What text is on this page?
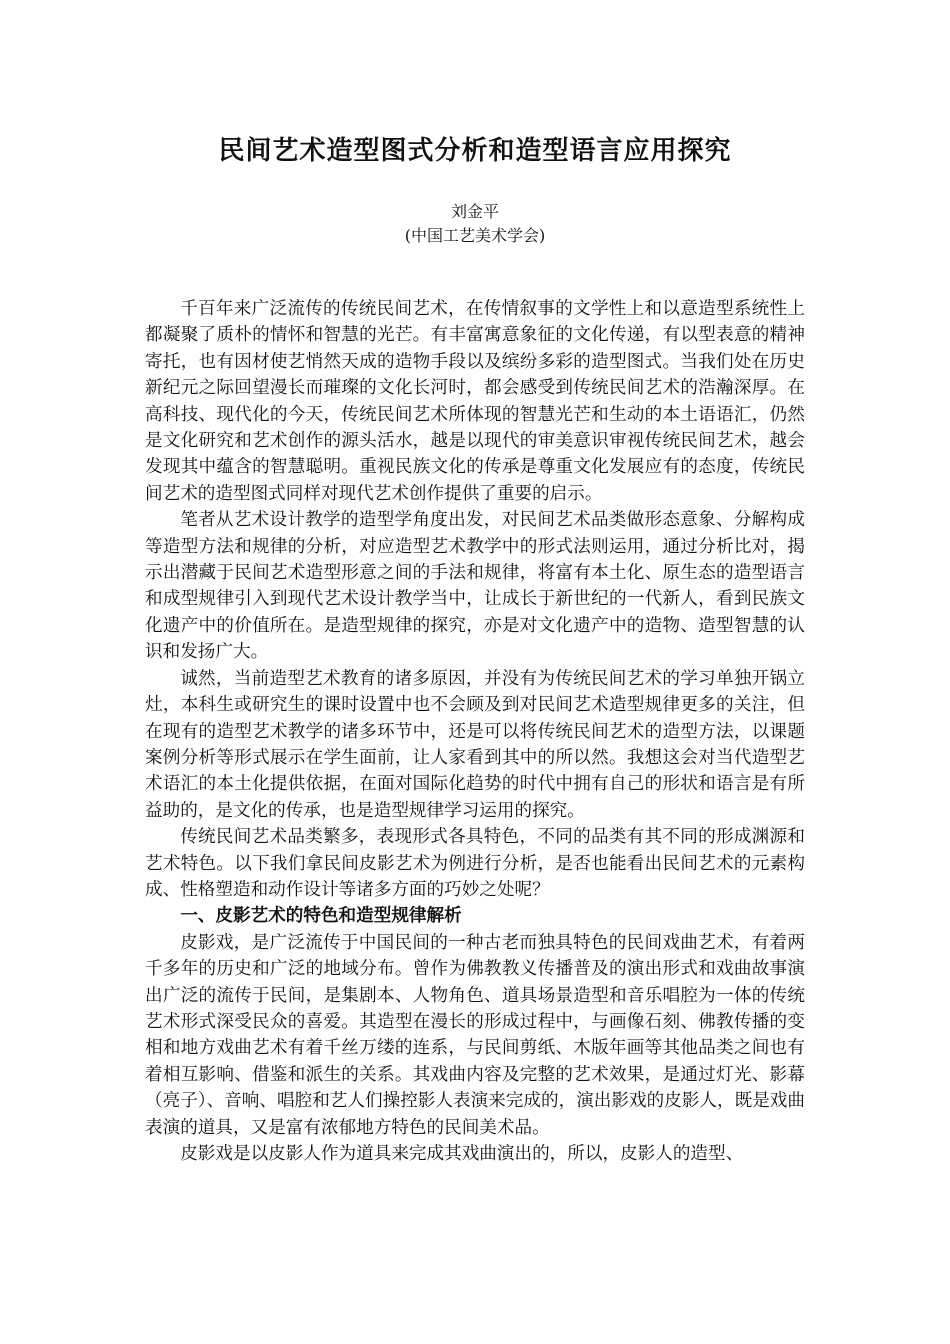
民间艺术造型图式分析和造型语言应用探究
刘金平
(中国工艺美术学会)

千百年来广泛流传的传统民间艺术，在传情叙事的文学性上和以意造型系统性上都凝聚了质朴的情怀和智慧的光芒。有丰富寓意象征的文化传递，有以型表意的精神寄托，也有因材使艺悄然天成的造物手段以及缤纷多彩的造型图式。当我们处在历史新纪元之际回望漫长而璀璨的文化长河时，都会感受到传统民间艺术的浩瀚深厚。在高科技、现代化的今天，传统民间艺术所体现的智慧光芒和生动的本土语语汇，仍然是文化研究和艺术创作的源头活水，越是以现代的审美意识审视传统民间艺术，越会发现其中蕴含的智慧聪明。重视民族文化的传承是尊重文化发展应有的态度，传统民间艺术的造型图式同样对现代艺术创作提供了重要的启示。

笔者从艺术设计教学的造型学角度出发，对民间艺术品类做形态意象、分解构成等造型方法和规律的分析，对应造型艺术教学中的形式法则运用，通过分析比对，揭示出潜藏于民间艺术造型形意之间的手法和规律，将富有本土化、原生态的造型语言和成型规律引入到现代艺术设计教学当中，让成长于新世纪的一代新人，看到民族文化遗产中的价值所在。是造型规律的探究，亦是对文化遗产中的造物、造型智慧的认识和发扬广大。

诚然，当前造型艺术教育的诸多原因，并没有为传统民间艺术的学习单独开锅立灶，本科生或研究生的课时设置中也不会顾及到对民间艺术造型规律更多的关注，但在现有的造型艺术教学的诸多环节中，还是可以将传统民间艺术的造型方法，以课题案例分析等形式展示在学生面前，让人家看到其中的所以然。我想这会对当代造型艺术语汇的本土化提供依据，在面对国际化趋势的时代中拥有自己的形状和语言是有所益助的，是文化的传承，也是造型规律学习运用的探究。

传统民间艺术品类繁多，表现形式各具特色，不同的品类有其不同的形成渊源和艺术特色。以下我们拿民间皮影艺术为例进行分析，是否也能看出民间艺术的元素构成、性格塑造和动作设计等诸多方面的巧妙之处呢？

一、皮影艺术的特色和造型规律解析

皮影戏，是广泛流传于中国民间的一种古老而独具特色的民间戏曲艺术，有着两千多年的历史和广泛的地域分布。曾作为佛教教义传播普及的演出形式和戏曲故事演出广泛的流传于民间，是集剧本、人物角色、道具场景造型和音乐唱腔为一体的传统艺术形式深受民众的喜爱。其造型在漫长的形成过程中，与画像石刻、佛教传播的变相和地方戏曲艺术有着千丝万缕的连系，与民间剪纸、木版年画等其他品类之间也有着相互影响、借鉴和派生的关系。其戏曲内容及完整的艺术效果，是通过灯光、影幕（亮子）、音响、唱腔和艺人们操控影人表演来完成的，演出影戏的皮影人，既是戏曲表演的道具，又是富有浓郁地方特色的民间美术品。

皮影戏是以皮影人作为道具来完成其戏曲演出的，所以，皮影人的造型、
